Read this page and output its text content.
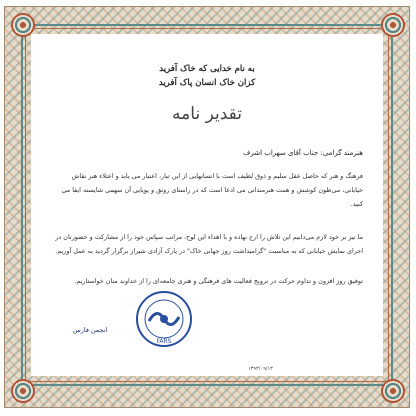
به نام خدایی که خاک آفرید
کزان خاک انسان پاک آفرید
تقدیر نامه
هنرمند گرامی: جناب آقای سهراب اشرف
فرهنگ و هنر که حاصل عقل سلیم و ذوق لطیف است با انسانهایی از این تبار، اعتبار می یابد و اعتلاء هنر نقاش خیابانی، می‌طون کوشش و همت هنرمندانی می ادعا است که در راستای رونق و پویایی آن سهمی شایسته ایفا می کنید.
ما نیز بر خود لازم می‌دانیم این تلاش را ارج نهاده و با اهداء این لوح، مراتب سپاس خود را از مشارکت و حضورتان در اجرای نمایش خیابانی که به مناسبت "گرامیداشت روز جهانی خاک" در پارک آزادی شیراز برگزار گردید به عمل آوریم.
توفیق روز افزون و تداوم حرکت در ترویج فعالیت های فرهنگی و هنری جامعه‌ای را از خداوند منان خواستاریم.
FARS
انجمن فارس
۱۳۹۳/۰۹/۱۳
